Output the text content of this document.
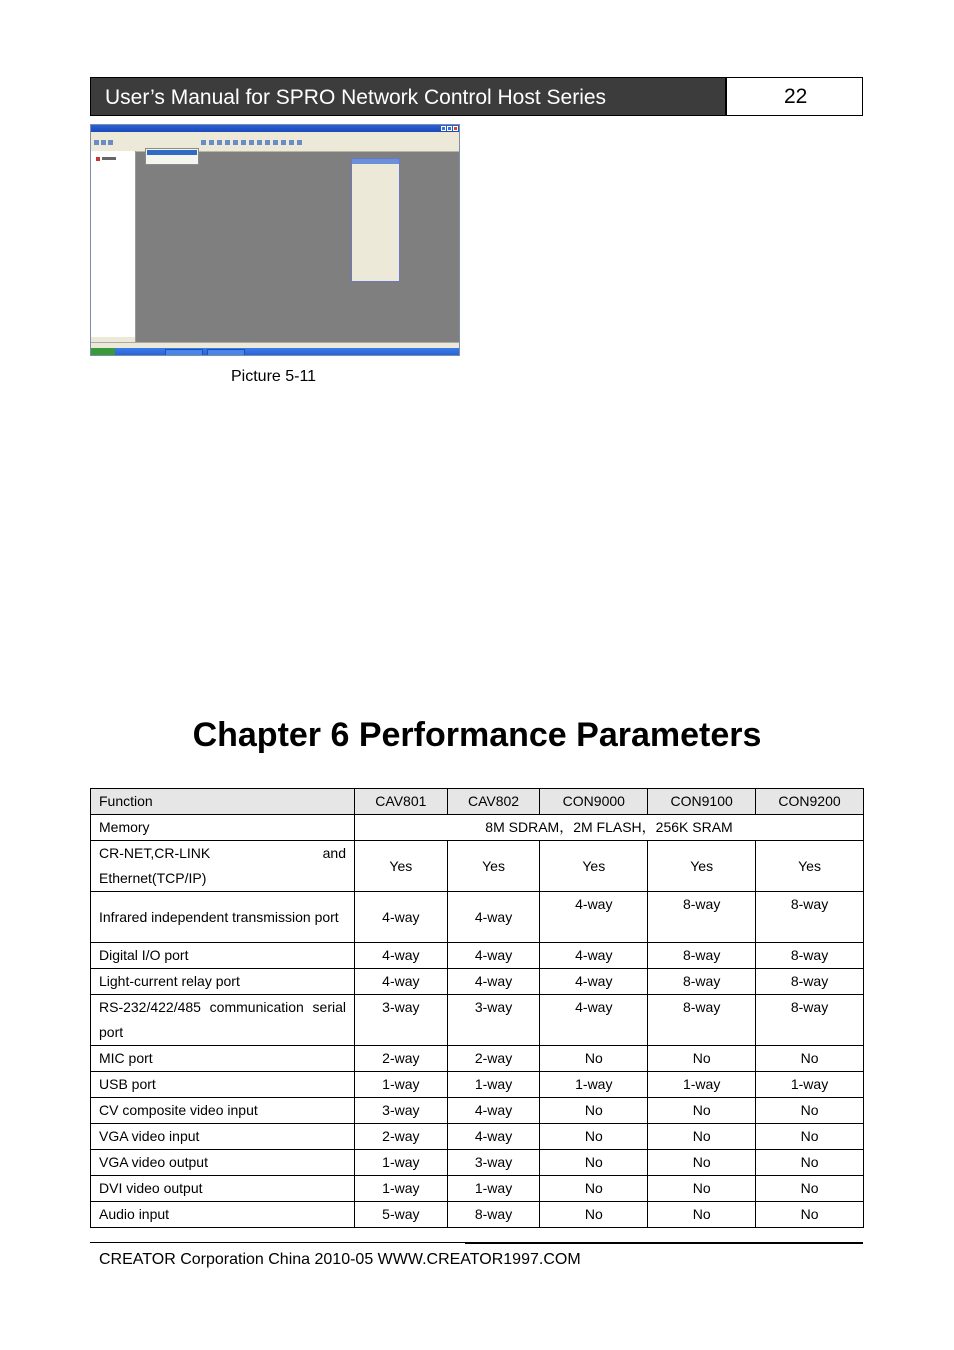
User’s Manual for SPRO Network Control Host Series	22
Picture 5-11
Chapter 6 Performance Parameters
Function	CAV801	CAV802	CON9000	CON9100	CON9200
Memory	8M SDRAM，2M FLASH，256K SRAM				
CR-NET,CR-LINK and Ethernet(TCP/IP)	Yes	Yes	Yes	Yes	Yes
Infrared independent transmission port	4-way	4-way	4-way	8-way	8-way
Digital I/O port	4-way	4-way	4-way	8-way	8-way
Light-current relay port	4-way	4-way	4-way	8-way	8-way
RS-232/422/485 communication serial port	3-way	3-way	4-way	8-way	8-way
MIC port	2-way	2-way	No	No	No
USB port	1-way	1-way	1-way	1-way	1-way
CV composite video input	3-way	4-way	No	No	No
VGA video input	2-way	4-way	No	No	No
VGA video output	1-way	3-way	No	No	No
DVI video output	1-way	1-way	No	No	No
Audio input	5-way	8-way	No	No	No
CREATOR Corporation China 2010-05 WWW.CREATOR1997.COM
